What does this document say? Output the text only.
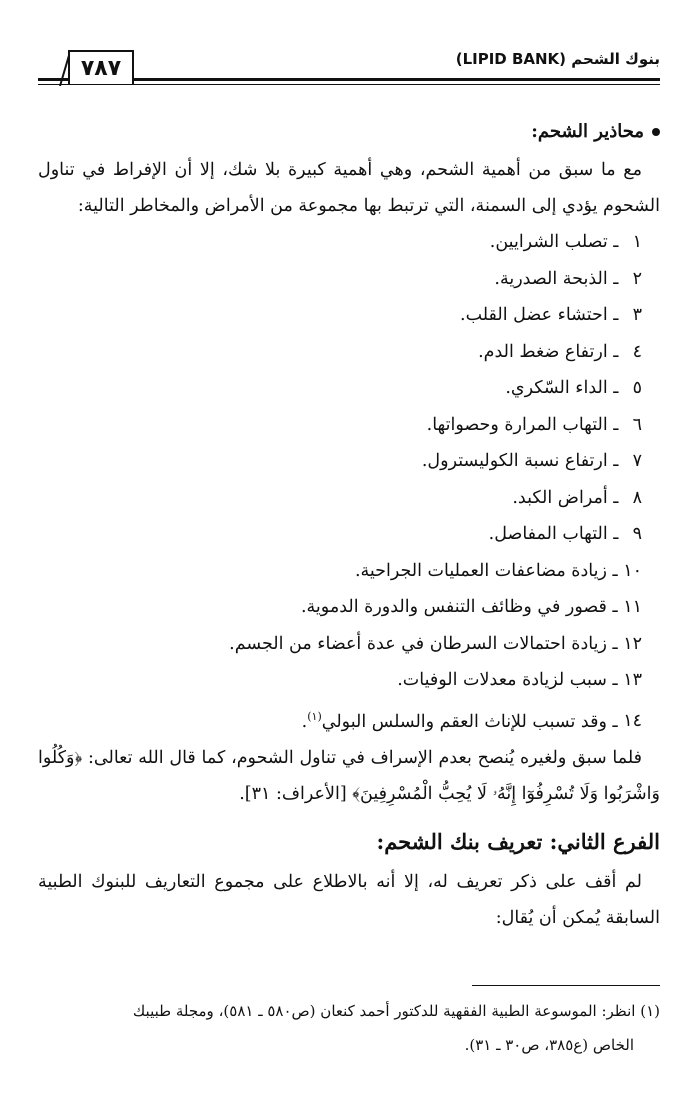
بنوك الشحم (LIPID BANK)
٧٨٧
محاذير الشحم:

مع ما سبق من أهمية الشحم، وهي أهمية كبيرة بلا شك، إلا أن الإفراط في تناول الشحوم يؤدي إلى السمنة، التي ترتبط بها مجموعة من الأمراض والمخاطر التالية:

١ ـ تصلب الشرايين.
٢ ـ الذبحة الصدرية.
٣ ـ احتشاء عضل القلب.
٤ ـ ارتفاع ضغط الدم.
٥ ـ الداء السّكري.
٦ ـ التهاب المرارة وحصواتها.
٧ ـ ارتفاع نسبة الكوليسترول.
٨ ـ أمراض الكبد.
٩ ـ التهاب المفاصل.
١٠ ـ زيادة مضاعفات العمليات الجراحية.
١١ ـ قصور في وظائف التنفس والدورة الدموية.
١٢ ـ زيادة احتمالات السرطان في عدة أعضاء من الجسم.
١٣ ـ سبب لزيادة معدلات الوفيات.
١٤ ـ وقد تسبب للإناث العقم والسلس البولي$^{(١)}$.

فلما سبق ولغيره يُنصح بعدم الإسراف في تناول الشحوم، كما قال الله تعالى: ﴿وَكُلُوا وَاشْرَبُوا وَلَا تُسْرِفُوٓا إِنَّهُۥ لَا يُحِبُّ الْمُسْرِفِينَ﴾ [الأعراف: ٣١].

الفرع الثاني: تعريف بنك الشحم:

لم أقف على ذكر تعريف له، إلا أنه بالاطلاع على مجموع التعاريف للبنوك الطبية السابقة يُمكن أن يُقال:

(١) انظر: الموسوعة الطبية الفقهية للدكتور أحمد كنعان (ص٥٨٠ ـ ٥٨١)، ومجلة طبيبك
الخاص (ع٣٨٥، ص٣٠ ـ ٣١).
